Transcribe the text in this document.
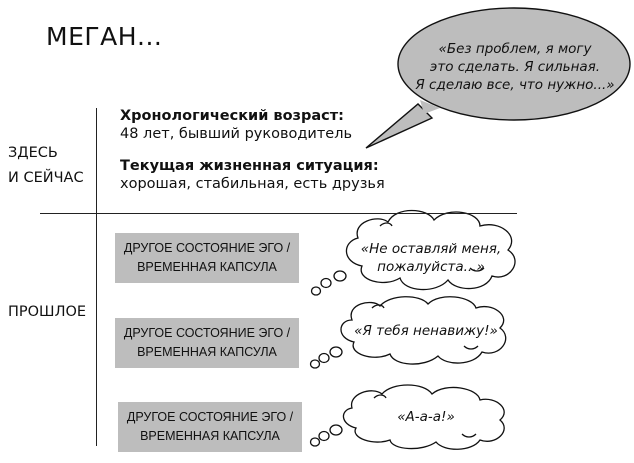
МЕГАН...
ЗДЕСЬ
И СЕЙЧАС
Хронологический возраст:
48 лет, бывший руководитель
Текущая жизненная ситуация:
хорошая, стабильная, есть друзья
«Без проблем, я могу
это сделать. Я сильная.
Я сделаю все, что нужно...»
ПРОШЛОЕ
ДРУГОЕ СОСТОЯНИЕ ЭГО /
ВРЕМЕННАЯ КАПСУЛА
ДРУГОЕ СОСТОЯНИЕ ЭГО /
ВРЕМЕННАЯ КАПСУЛА
ДРУГОЕ СОСТОЯНИЕ ЭГО /
ВРЕМЕННАЯ КАПСУЛА
«Не оставляй меня,
пожалуйста...»
«Я тебя ненавижу!»
«А-а-а!»
